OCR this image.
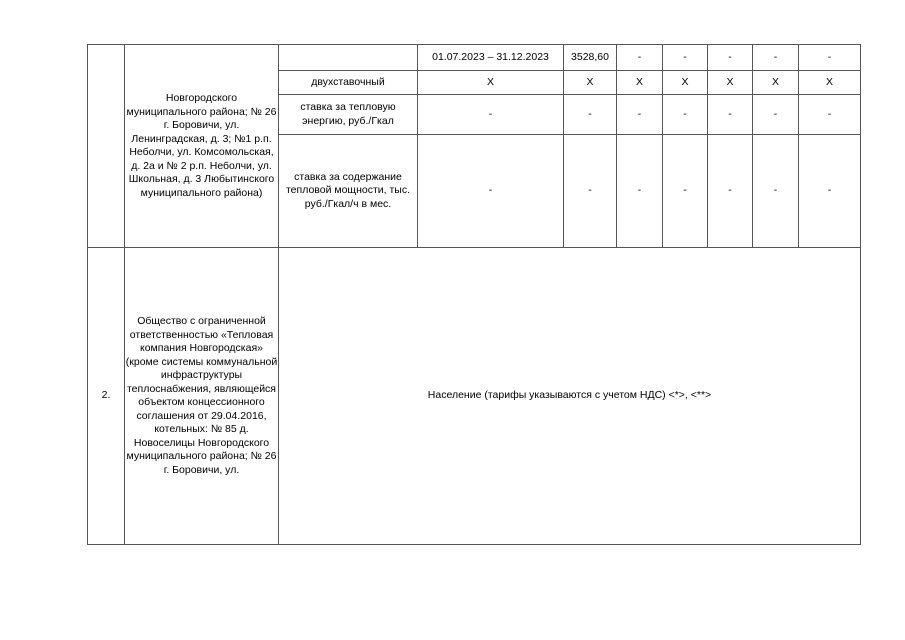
	Новгородского муниципального района; № 26 г. Боровичи, ул. Ленинградская, д. 3; №1 р.п. Неболчи, ул. Комсомольская, д. 2а и № 2 р.п. Неболчи, ул. Школьная, д. 3 Любытинского муниципального района)		01.07.2023 – 31.12.2023	3528,60	-	-	-	-	-
		двухставочный	X	X	X	X	X	X	X
		ставка за тепловую энергию, руб./Гкал	-	-	-	-	-	-	-
		ставка за содержание тепловой мощности, тыс. руб./Гкал/ч в мес.	-	-	-	-	-	-	-
2.	Общество с ограниченной ответственностью «Тепловая компания Новгородская» (кроме системы коммунальной инфраструктуры теплоснабжения, являющейся объектом концессионного соглашения от 29.04.2016, котельных: № 85 д. Новоселицы Новгородского муниципального района; № 26 г. Боровичи, ул.	Население (тарифы указываются с учетом НДС) <*>, <**>							
